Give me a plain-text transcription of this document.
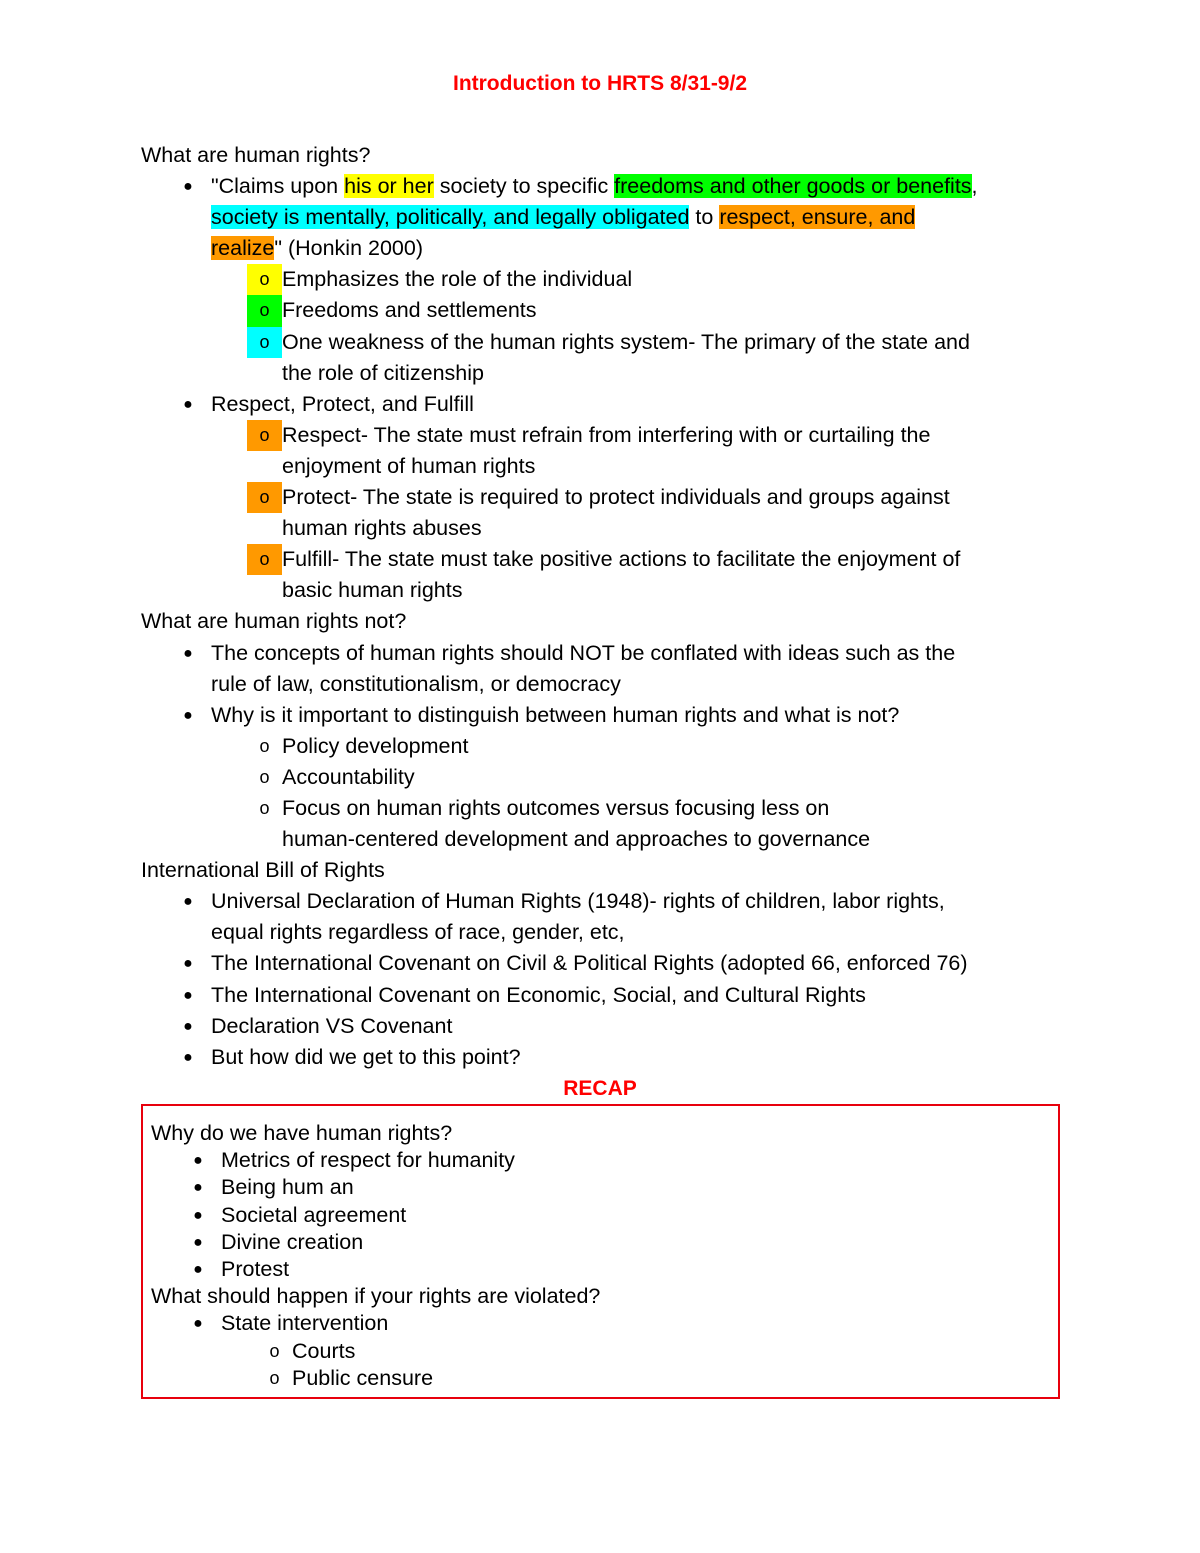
Introduction to HRTS 8/31-9/2
What are human rights?
● "Claims upon his or her society to specific freedoms and other goods or benefits,
society is mentally, politically, and legally obligated to respect, ensure, and
realize" (Honkin 2000)
o Emphasizes the role of the individual
o Freedoms and settlements
o One weakness of the human rights system- The primary of the state and
the role of citizenship
● Respect, Protect, and Fulfill
o Respect- The state must refrain from interfering with or curtailing the
enjoyment of human rights
o Protect- The state is required to protect individuals and groups against
human rights abuses
o Fulfill- The state must take positive actions to facilitate the enjoyment of
basic human rights
What are human rights not?
● The concepts of human rights should NOT be conflated with ideas such as the
rule of law, constitutionalism, or democracy
● Why is it important to distinguish between human rights and what is not?
o Policy development
o Accountability
o Focus on human rights outcomes versus focusing less on
human-centered development and approaches to governance
International Bill of Rights
● Universal Declaration of Human Rights (1948)- rights of children, labor rights,
equal rights regardless of race, gender, etc,
● The International Covenant on Civil & Political Rights (adopted 66, enforced 76)
● The International Covenant on Economic, Social, and Cultural Rights
● Declaration VS Covenant
● But how did we get to this point?
RECAP
Why do we have human rights?
● Metrics of respect for humanity
● Being hum an
● Societal agreement
● Divine creation
● Protest
What should happen if your rights are violated?
● State intervention
o Courts
o Public censure
